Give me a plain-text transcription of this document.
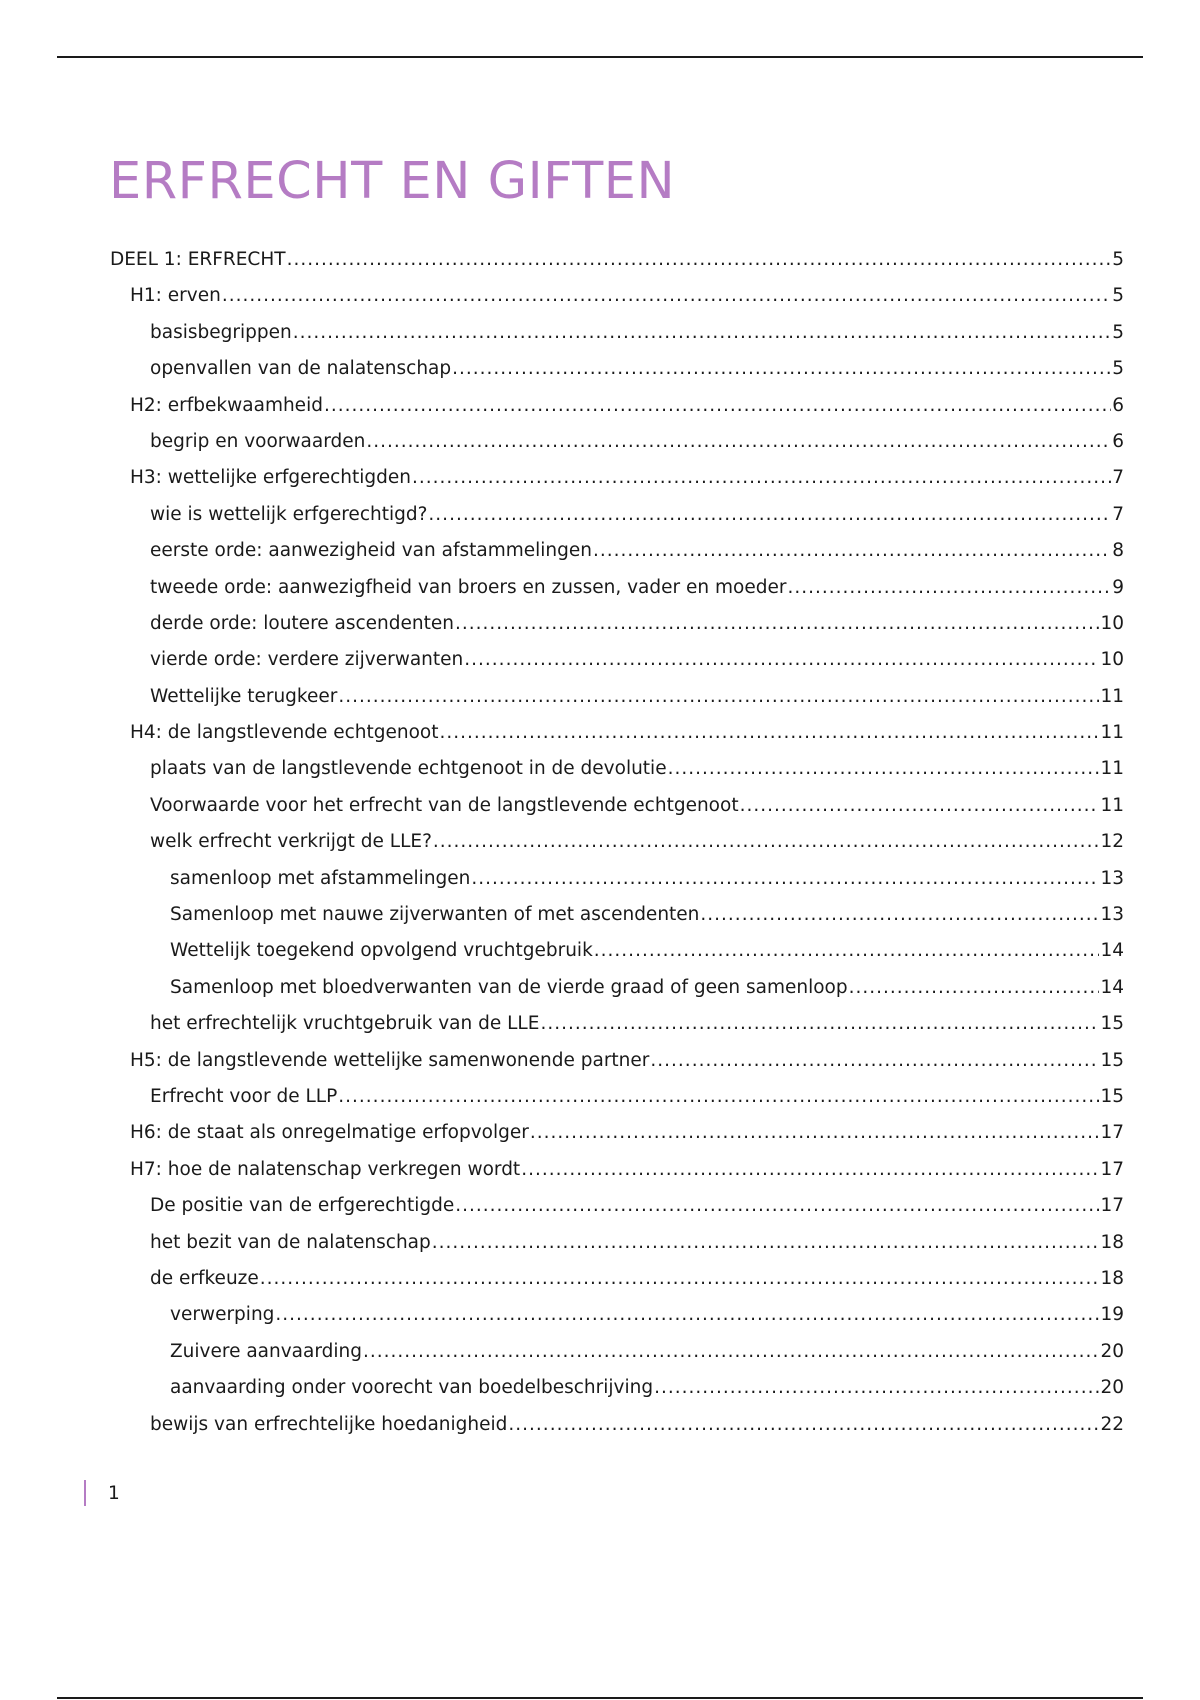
ERFRECHT EN GIFTEN
DEEL 1: ERFRECHT .....	5
H1: erven .....	5
basisbegrippen .....	5
openvallen van de nalatenschap .....	5
H2: erfbekwaamheid .....	6
begrip en voorwaarden .....	6
H3: wettelijke erfgerechtigden .....	7
wie is wettelijk erfgerechtigd? .....	7
eerste orde: aanwezigheid van afstammelingen .....	8
tweede orde: aanwezigfheid van broers en zussen, vader en moeder .....	9
derde orde: loutere ascendenten .....	10
vierde orde: verdere zijverwanten .....	10
Wettelijke terugkeer .....	11
H4: de langstlevende echtgenoot .....	11
plaats van de langstlevende echtgenoot in de devolutie .....	11
Voorwaarde voor het erfrecht van de langstlevende echtgenoot .....	11
welk erfrecht verkrijgt de LLE? .....	12
samenloop met afstammelingen .....	13
Samenloop met nauwe zijverwanten of met ascendenten .....	13
Wettelijk toegekend opvolgend vruchtgebruik .....	14
Samenloop met bloedverwanten van de vierde graad of geen samenloop .....	14
het erfrechtelijk vruchtgebruik van de LLE .....	15
H5: de langstlevende wettelijke samenwonende partner .....	15
Erfrecht voor de LLP .....	15
H6: de staat als onregelmatige erfopvolger .....	17
H7: hoe de nalatenschap verkregen wordt .....	17
De positie van de erfgerechtigde .....	17
het bezit van de nalatenschap .....	18
de erfkeuze .....	18
verwerping .....	19
Zuivere aanvaarding .....	20
aanvaarding onder voorecht van boedelbeschrijving .....	20
bewijs van erfrechtelijke hoedanigheid .....	22
1
